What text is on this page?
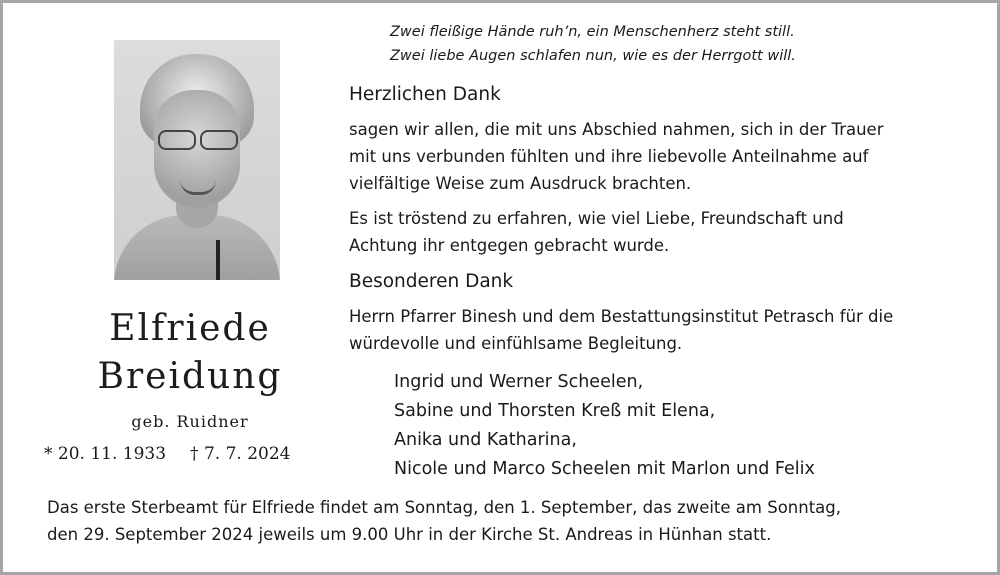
Elfriede
Breidung
geb. Ruidner
* 20. 11. 1933 † 7. 7. 2024
Zwei fleißige Hände ruh’n, ein Menschenherz steht still.
Zwei liebe Augen schlafen nun, wie es der Herrgott will.
Herzlichen Dank
sagen wir allen, die mit uns Abschied nahmen, sich in der Trauer
mit uns verbunden fühlten und ihre liebevolle Anteilnahme auf
vielfältige Weise zum Ausdruck brachten.
Es ist tröstend zu erfahren, wie viel Liebe, Freundschaft und
Achtung ihr entgegen gebracht wurde.
Besonderen Dank
Herrn Pfarrer Binesh und dem Bestattungsinstitut Petrasch für die
würdevolle und einfühlsame Begleitung.
Ingrid und Werner Scheelen,
Sabine und Thorsten Kreß mit Elena,
Anika und Katharina,
Nicole und Marco Scheelen mit Marlon und Felix
Das erste Sterbeamt für Elfriede findet am Sonntag, den 1. September, das zweite am Sonntag,
den 29. September 2024 jeweils um 9.00 Uhr in der Kirche St. Andreas in Hünhan statt.
